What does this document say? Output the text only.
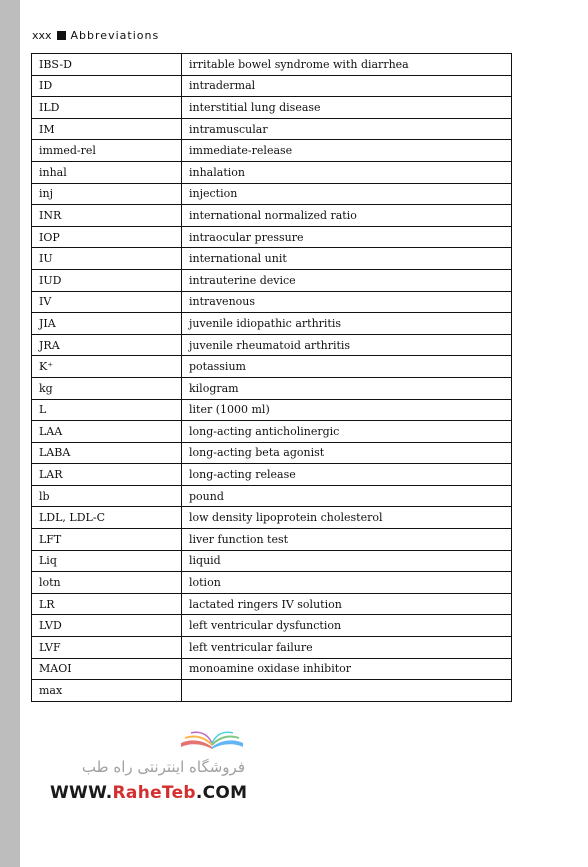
xxx Abbreviations
IBS-D	irritable bowel syndrome with diarrhea
ID	intradermal
ILD	interstitial lung disease
IM	intramuscular
immed-rel	immediate-release
inhal	inhalation
inj	injection
INR	international normalized ratio
IOP	intraocular pressure
IU	international unit
IUD	intrauterine device
IV	intravenous
JIA	juvenile idiopathic arthritis
JRA	juvenile rheumatoid arthritis
K⁺	potassium
kg	kilogram
L	liter (1000 ml)
LAA	long-acting anticholinergic
LABA	long-acting beta agonist
LAR	long-acting release
lb	pound
LDL, LDL-C	low density lipoprotein cholesterol
LFT	liver function test
Liq	liquid
lotn	lotion
LR	lactated ringers IV solution
LVD	left ventricular dysfunction
LVF	left ventricular failure
MAOI	monoamine oxidase inhibitor
max	
فروشگاه اینترنتی راه طب
WWW.RaheTeb.COM
